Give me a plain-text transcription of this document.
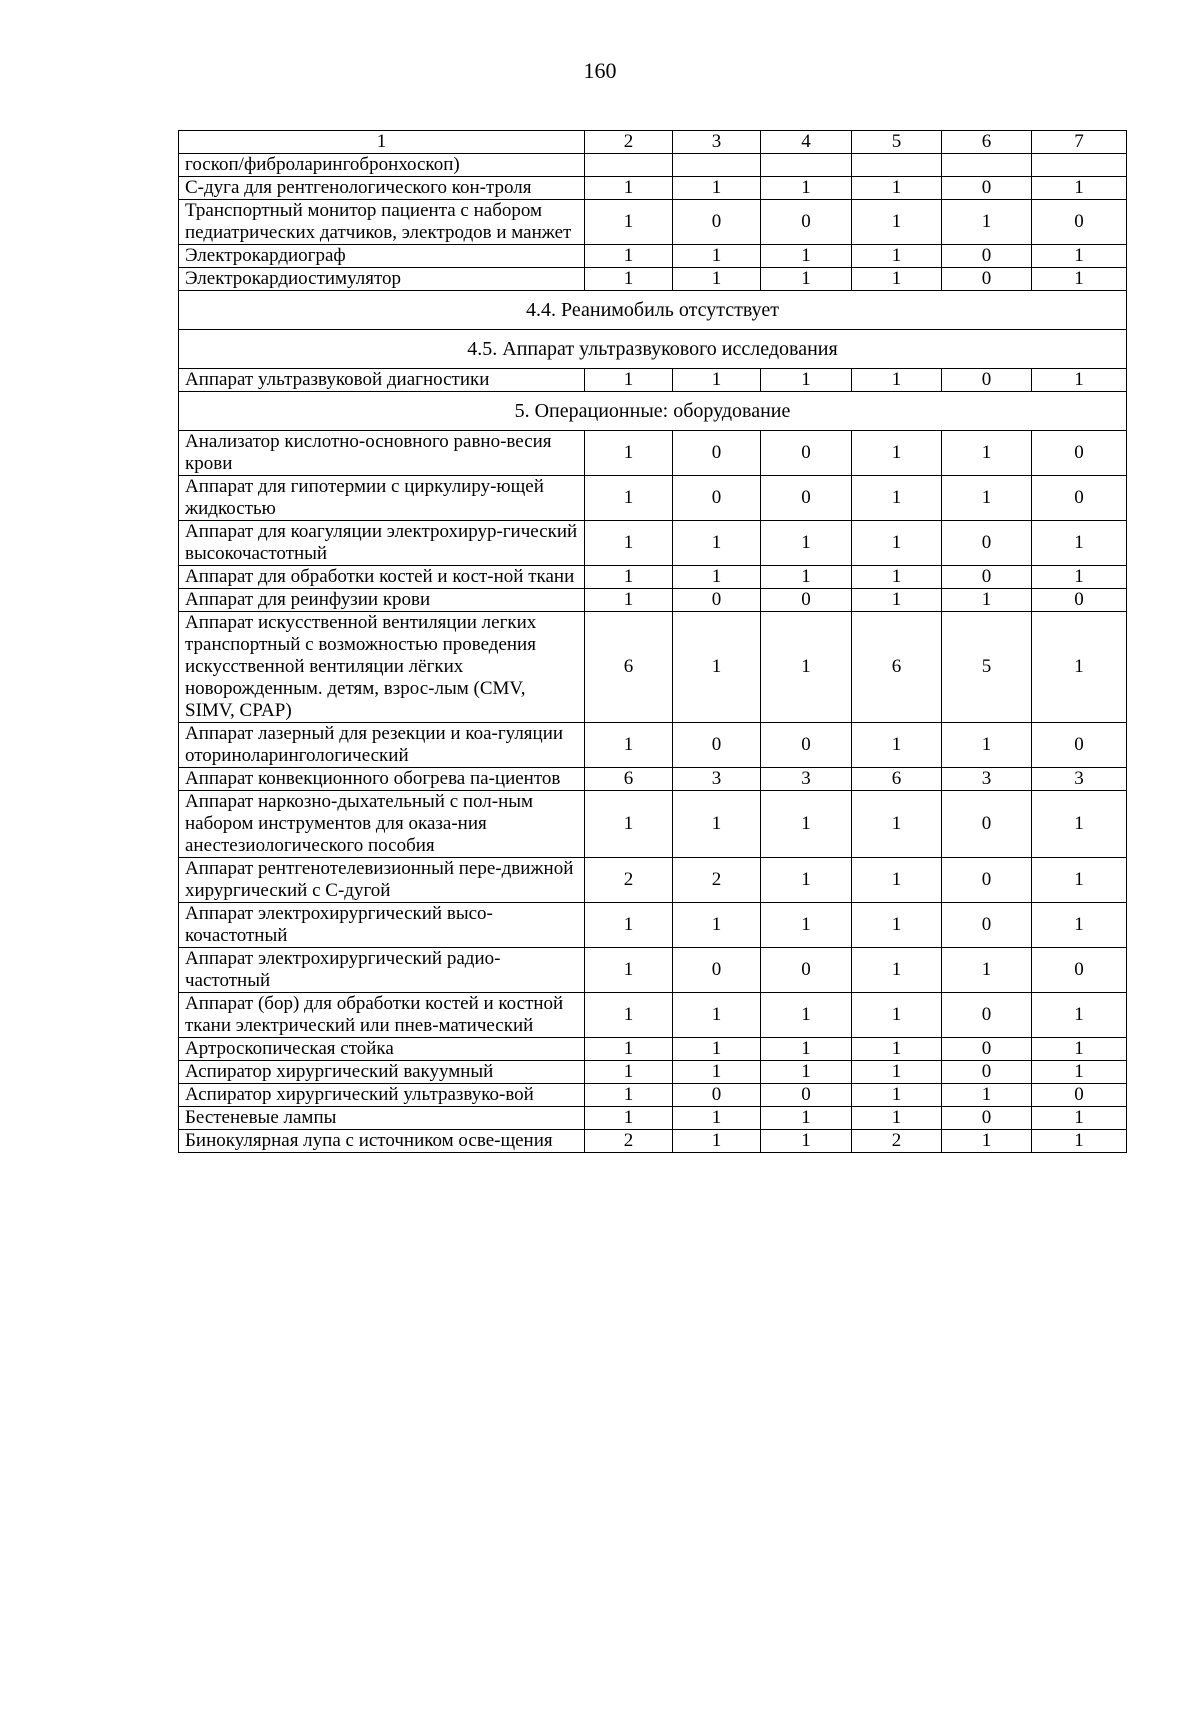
160
1	2	3	4	5	6	7
госкоп/фиброларингобронхоскоп)						
С-дуга для рентгенологического кон-троля	1	1	1	1	0	1
Транспортный монитор пациента с набором педиатрических датчиков, электродов и манжет	1	0	0	1	1	0
Электрокардиограф	1	1	1	1	0	1
Электрокардиостимулятор	1	1	1	1	0	1
4.4. Реанимобиль отсутствует						
4.5. Аппарат ультразвукового исследования						
Аппарат ультразвуковой диагностики	1	1	1	1	0	1
5. Операционные: оборудование						
Анализатор кислотно-основного равно-весия крови	1	0	0	1	1	0
Аппарат для гипотермии с циркулиру-ющей жидкостью	1	0	0	1	1	0
Аппарат для коагуляции электрохирур-гический высокочастотный	1	1	1	1	0	1
Аппарат для обработки костей и кост-ной ткани	1	1	1	1	0	1
Аппарат для реинфузии крови	1	0	0	1	1	0
Аппарат искусственной вентиляции легких транспортный с возможностью проведения искусственной вентиляции лёгких новорожденным. детям, взрос-лым (CMV, SIMV, CPAP)	6	1	1	6	5	1
Аппарат лазерный для резекции и коа-гуляции оториноларингологический	1	0	0	1	1	0
Аппарат конвекционного обогрева па-циентов	6	3	3	6	3	3
Аппарат наркозно-дыхательный с пол-ным набором инструментов для оказа-ния анестезиологического пособия	1	1	1	1	0	1
Аппарат рентгенотелевизионный пере-движной хирургический с С-дугой	2	2	1	1	0	1
Аппарат электрохирургический высо-кочастотный	1	1	1	1	0	1
Аппарат электрохирургический радио-частотный	1	0	0	1	1	0
Аппарат (бор) для обработки костей и костной ткани электрический или пнев-матический	1	1	1	1	0	1
Артроскопическая стойка	1	1	1	1	0	1
Аспиратор хирургический вакуумный	1	1	1	1	0	1
Аспиратор хирургический ультразвуко-вой	1	0	0	1	1	0
Бестеневые лампы	1	1	1	1	0	1
Бинокулярная лупа с источником осве-щения	2	1	1	2	1	1
